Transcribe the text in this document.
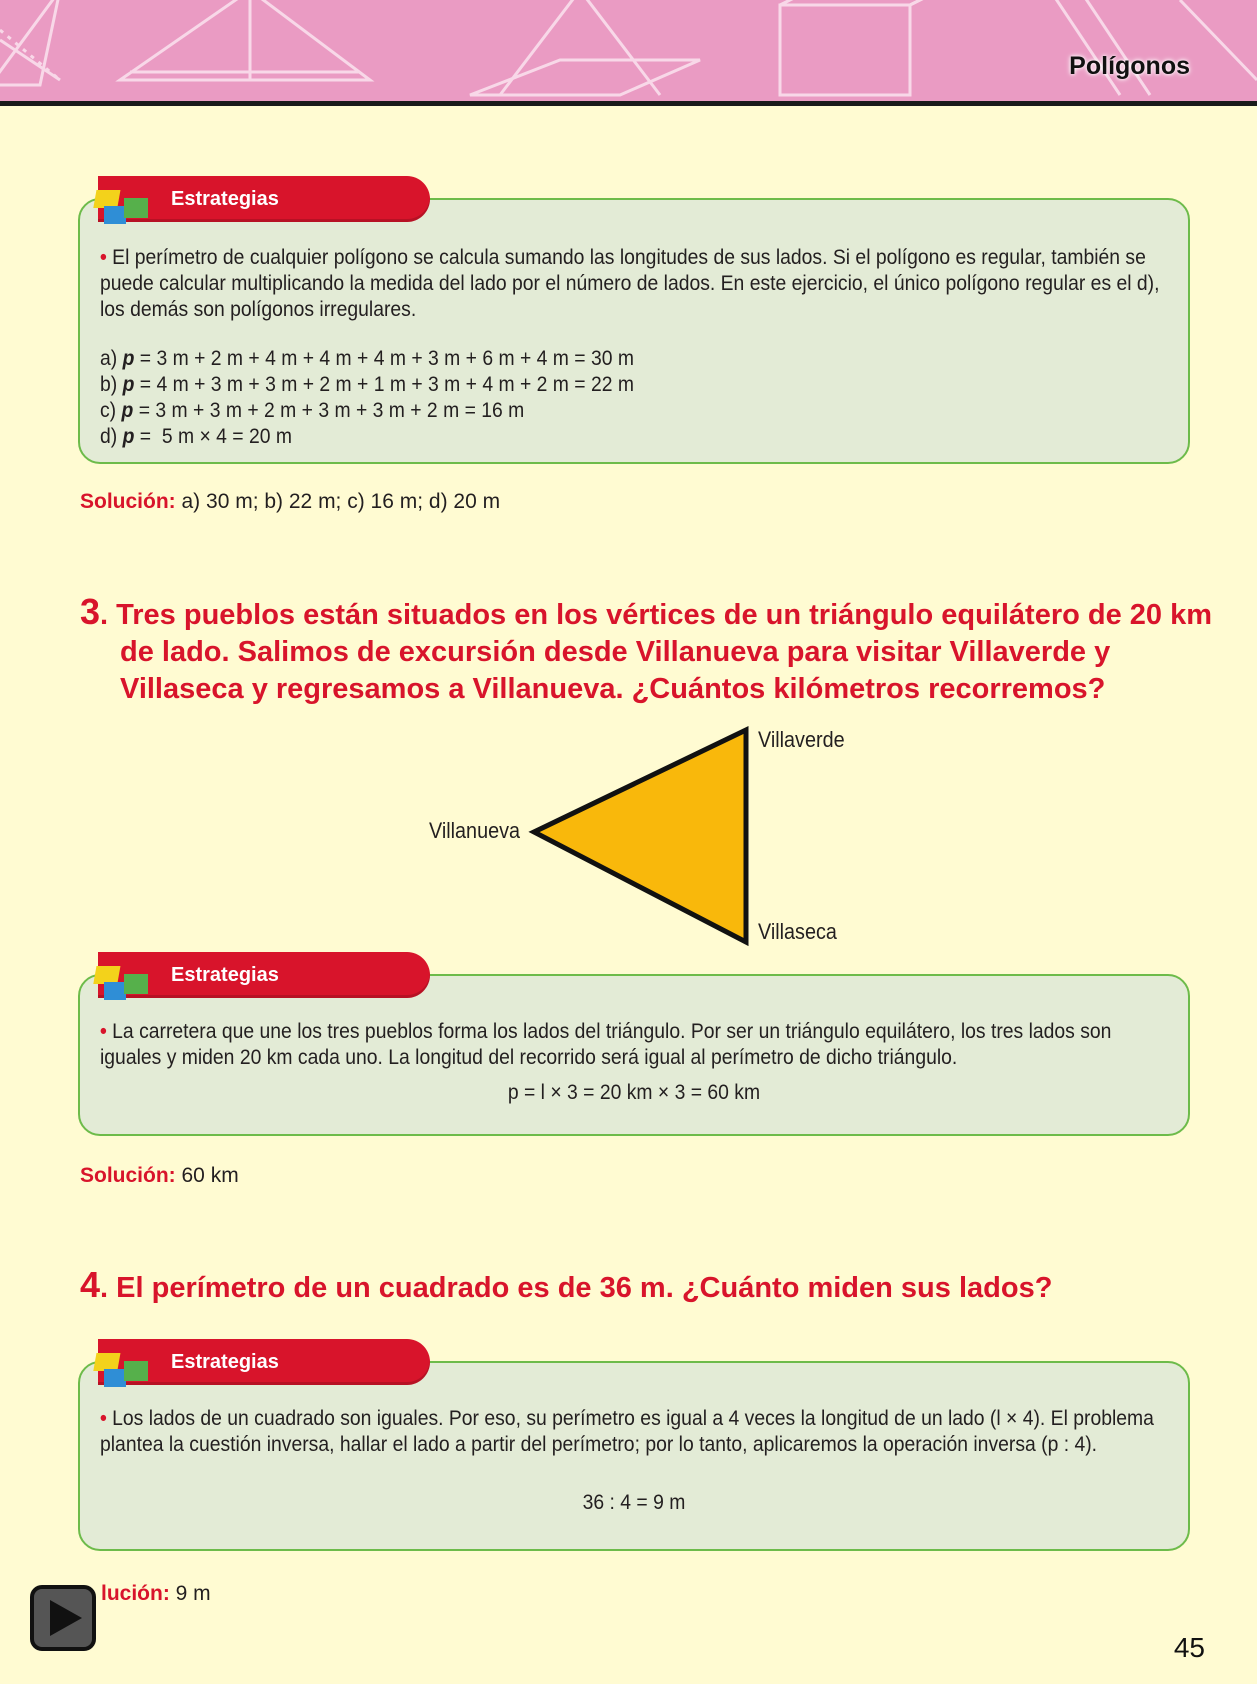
Polígonos
• El perímetro de cualquier polígono se calcula sumando las longitudes de sus lados. Si el polígono es regular, también se puede calcular multiplicando la medida del lado por el número de lados. En este ejercicio, el único polígono regular es el d), los demás son polígonos irregulares.
a) p = 3 m + 2 m + 4 m + 4 m + 4 m + 3 m + 6 m + 4 m = 30 m
b) p = 4 m + 3 m + 3 m + 2 m + 1 m + 3 m + 4 m + 2 m = 22 m
c) p = 3 m + 3 m + 2 m + 3 m + 3 m + 2 m = 16 m
d) p =  5 m × 4 = 20 m
Estrategias
Solución: a) 30 m; b) 22 m; c) 16 m; d) 20 m
3. Tres pueblos están situados en los vértices de un triángulo equilátero de 20 km de lado. Salimos de excursión desde Villanueva para visitar Villaverde y Villaseca y regresamos a Villanueva. ¿Cuántos kilómetros recorremos?
Villaverde
Villanueva
Villaseca
• La carretera que une los tres pueblos forma los lados del triángulo. Por ser un triángulo equilátero, los tres lados son iguales y miden 20 km cada uno. La longitud del recorrido será igual al perímetro de dicho triángulo.
p = l × 3 = 20 km × 3 = 60 km
Estrategias
Solución: 60 km
4. El perímetro de un cuadrado es de 36 m. ¿Cuánto miden sus lados?
• Los lados de un cuadrado son iguales. Por eso, su perímetro es igual a 4 veces la longitud de un lado (l × 4). El problema plantea la cuestión inversa, hallar el lado a partir del perímetro; por lo tanto, aplicaremos la operación inversa (p : 4).
36 : 4 = 9 m
Estrategias
lución: 9 m
45
